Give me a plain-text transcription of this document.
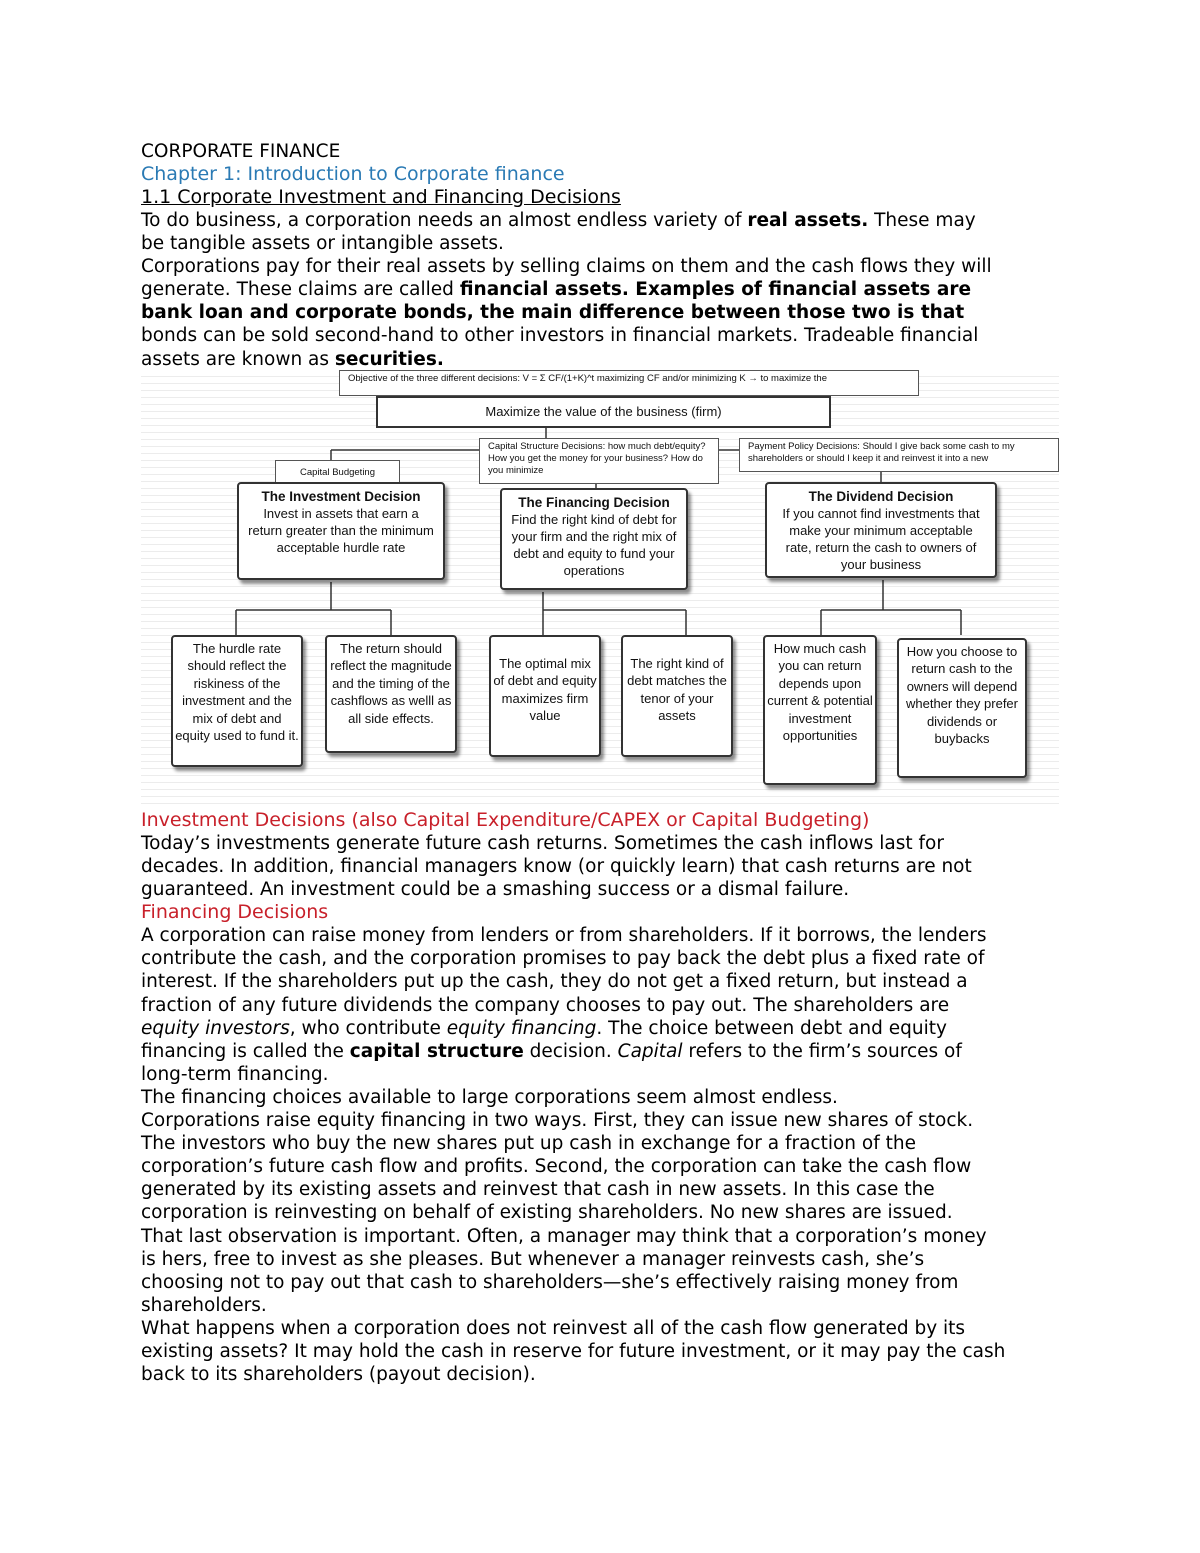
CORPORATE FINANCE
Chapter 1: Introduction to Corporate finance
1.1 Corporate Investment and Financing Decisions
To do business, a corporation needs an almost endless variety of real assets. These may
be tangible assets or intangible assets.
Corporations pay for their real assets by selling claims on them and the cash flows they will
generate. These claims are called financial assets. Examples of financial assets are
bank loan and corporate bonds, the main difference between those two is that
bonds can be sold second-hand to other investors in financial markets. Tradeable financial
assets are known as securities.
Objective of the three different decisions: V = Σ CF/(1+K)^t maximizing CF and/or minimizing K → to maximize the
Maximize the value of the business (firm)
Capital Structure Decisions: how much debt/equity? How you get the money for your business? How do you minimize
Payment Policy Decisions: Should I give back some cash to my shareholders or should I keep it and reinvest it into a new
Capital Budgeting
The Investment Decision
Invest in assets that earn a return greater than the minimum acceptable hurdle rate
The Financing Decision
Find the right kind of debt for your firm and the right mix of debt and equity to fund your operations
The Dividend Decision
If you cannot find investments that make your minimum acceptable rate, return the cash to owners of your business
The hurdle rate should reflect the riskiness of the investment and the mix of debt and equity used to fund it.
The return should reflect the magnitude and the timing of the cashflows as welll as all side effects.
The optimal mix of debt and equity maximizes firm value
The right kind of debt matches the tenor of your assets
How much cash you can return depends upon current & potential investment opportunities
How you choose to return cash to the owners will depend whether they prefer dividends or buybacks
Investment Decisions (also Capital Expenditure/CAPEX or Capital Budgeting)
Today’s investments generate future cash returns. Sometimes the cash inflows last for
decades. In addition, financial managers know (or quickly learn) that cash returns are not
guaranteed. An investment could be a smashing success or a dismal failure.
Financing Decisions
A corporation can raise money from lenders or from shareholders. If it borrows, the lenders
contribute the cash, and the corporation promises to pay back the debt plus a fixed rate of
interest. If the shareholders put up the cash, they do not get a fixed return, but instead a
fraction of any future dividends the company chooses to pay out. The shareholders are
equity investors, who contribute equity financing. The choice between debt and equity
financing is called the capital structure decision. Capital refers to the firm’s sources of
long-term financing.
The financing choices available to large corporations seem almost endless.
Corporations raise equity financing in two ways. First, they can issue new shares of stock.
The investors who buy the new shares put up cash in exchange for a fraction of the
corporation’s future cash flow and profits. Second, the corporation can take the cash flow
generated by its existing assets and reinvest that cash in new assets. In this case the
corporation is reinvesting on behalf of existing shareholders. No new shares are issued.
That last observation is important. Often, a manager may think that a corporation’s money
is hers, free to invest as she pleases. But whenever a manager reinvests cash, she’s
choosing not to pay out that cash to shareholders—she’s effectively raising money from
shareholders.
What happens when a corporation does not reinvest all of the cash flow generated by its
existing assets? It may hold the cash in reserve for future investment, or it may pay the cash
back to its shareholders (payout decision).
